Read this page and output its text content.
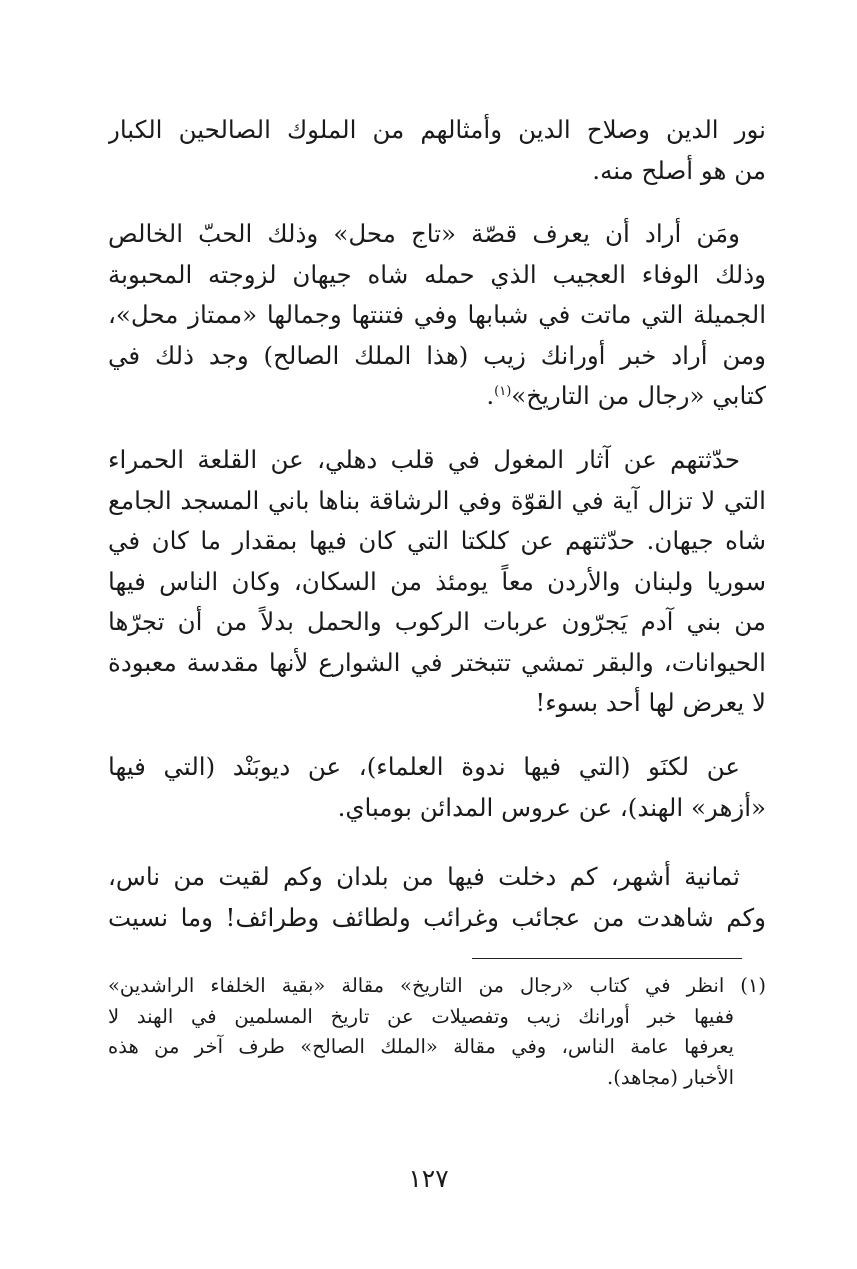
نور الدين وصلاح الدين وأمثالهم من الملوك الصالحين الكبار
من هو أصلح منه.
ومَن أراد أن يعرف قصّة «تاج محل» وذلك الحبّ الخالص
وذلك الوفاء العجيب الذي حمله شاه جيهان لزوجته المحبوبة
الجميلة التي ماتت في شبابها وفي فتنتها وجمالها «ممتاز محل»،
ومن أراد خبر أورانك زيب (هذا الملك الصالح) وجد ذلك في
كتابي «رجال من التاريخ»$^{(١)}$.
حدّثتهم عن آثار المغول في قلب دهلي، عن القلعة الحمراء
التي لا تزال آية في القوّة وفي الرشاقة بناها باني المسجد الجامع
شاه جيهان. حدّثتهم عن كلكتا التي كان فيها بمقدار ما كان في
سوريا ولبنان والأردن معاً يومئذ من السكان، وكان الناس فيها
من بني آدم يَجرّون عربات الركوب والحمل بدلاً من أن تجرّها
الحيوانات، والبقر تمشي تتبختر في الشوارع لأنها مقدسة معبودة
لا يعرض لها أحد بسوء!
عن لكنَو (التي فيها ندوة العلماء)، عن ديوبَنْد (التي فيها
«أزهر» الهند)، عن عروس المدائن بومباي.
ثمانية أشهر، كم دخلت فيها من بلدان وكم لقيت من ناس،
وكم شاهدت من عجائب وغرائب ولطائف وطرائف! وما نسيت
(١) انظر في كتاب «رجال من التاريخ» مقالة «بقية الخلفاء الراشدين»
ففيها خبر أورانك زيب وتفصيلات عن تاريخ المسلمين في الهند لا
يعرفها عامة الناس، وفي مقالة «الملك الصالح» طرف آخر من هذه
الأخبار (مجاهد).
١٢٧
